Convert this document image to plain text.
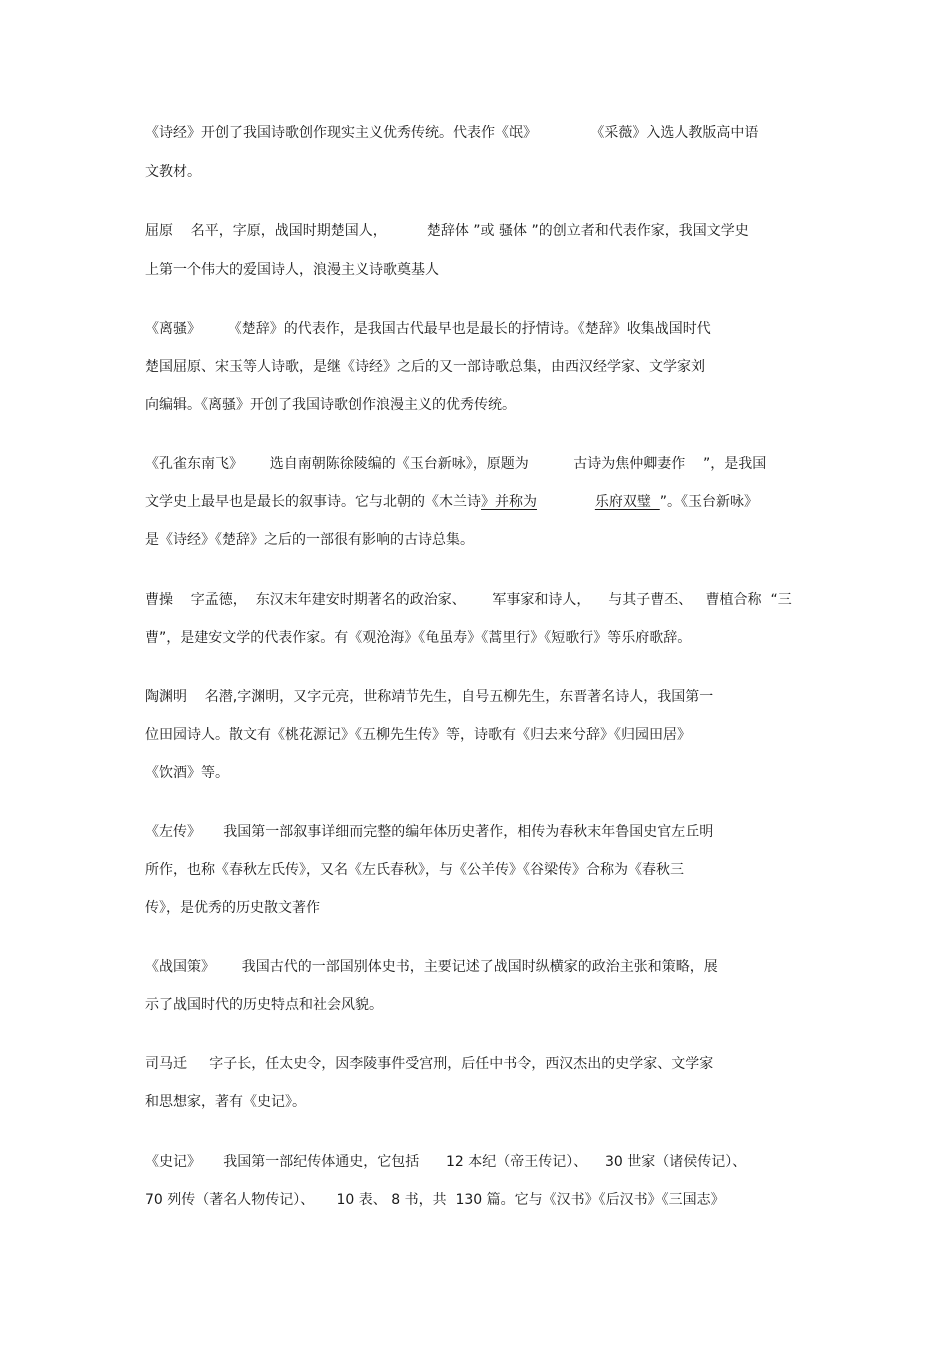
《诗经》开创了我国诗歌创作现实主义优秀传统。代表作《氓》            《采薇》入选人教版高中语
文教材。
屈原    名平，字原，战国时期楚国人，         楚辞体 ”或 骚体 ”的创立者和代表作家，我国文学史
上第一个伟大的爱国诗人，浪漫主义诗歌奠基人
《离骚》      《楚辞》的代表作，是我国古代最早也是最长的抒情诗。《楚辞》收集战国时代
楚国屈原、宋玉等人诗歌，是继《诗经》之后的又一部诗歌总集，由西汉经学家、文学家刘
向编辑。《离骚》开创了我国诗歌创作浪漫主义的优秀传统。
《孔雀东南飞》      选自南朝陈徐陵编的《玉台新咏》，原题为          古诗为焦仲卿妻作    ”，是我国
文学史上最早也是最长的叙事诗。它与北朝的《木兰诗》并称为	乐府双璧  ”。《玉台新咏》
是《诗经》《楚辞》之后的一部很有影响的古诗总集。
曹操    字孟德，  东汉末年建安时期著名的政治家、      军事家和诗人，    与其子曹丕、   曹植合称  “三
曹”，是建安文学的代表作家。有《观沧海》《龟虽寿》《蒿里行》《短歌行》等乐府歌辞。
陶渊明    名潜,字渊明，又字元亮，世称靖节先生，自号五柳先生，东晋著名诗人，我国第一
位田园诗人。散文有《桃花源记》《五柳先生传》等，诗歌有《归去来兮辞》《归园田居》
《饮酒》等。
《左传》     我国第一部叙事详细而完整的编年体历史著作，相传为春秋末年鲁国史官左丘明
所作，也称《春秋左氏传》，又名《左氏春秋》，与《公羊传》《谷梁传》合称为《春秋三
传》，是优秀的历史散文著作
《战国策》      我国古代的一部国别体史书，主要记述了战国时纵横家的政治主张和策略，展
示了战国时代的历史特点和社会风貌。
司马迁     字子长，任太史令，因李陵事件受宫刑，后任中书令，西汉杰出的史学家、文学家
和思想家，著有《史记》。
《史记》     我国第一部纪传体通史，它包括      12 本纪（帝王传记）、    30 世家（诸侯传记）、
70 列传（著名人物传记）、     10 表、 8 书，共  130 篇。它与《汉书》《后汉书》《三国志》
